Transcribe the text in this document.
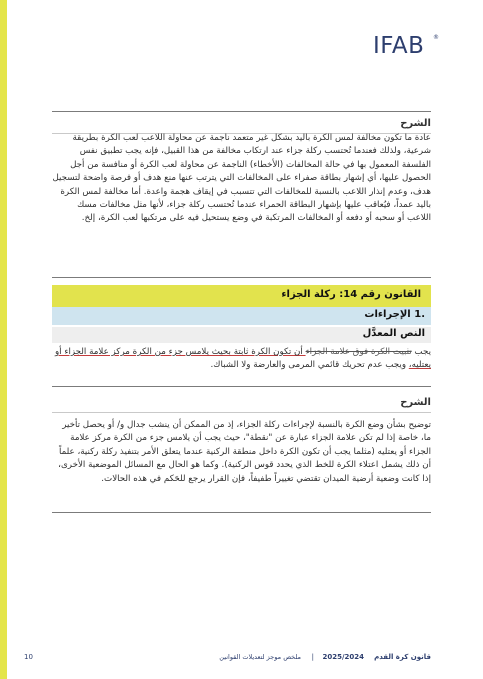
IFAB	®
الشرح
عادة ما تكون مخالفة لمس الكرة باليد بشكل غير متعمد ناجمة عن محاولة اللاعب لعب الكرة بطريقة شرعية، ولذلك فعندما تُحتسب ركلة جزاء عند ارتكاب مخالفة من هذا القبيل، فإنه يجب تطبيق نفس الفلسفة المعمول بها في حالة المخالفات (الأخطاء) الناجمة عن محاولة لعب الكرة أو منافسة من أجل الحصول عليها، أي إشهار بطاقة صفراء على المخالفات التي يترتب عنها منع هدف أو فرصة واضحة لتسجيل هدف، وعدم إنذار اللاعب بالنسبة للمخالفات التي تتسبب في إيقاف هجمة واعدة. أما مخالفة لمس الكرة باليد عمداً، فيُعاقب عليها بإشهار البطاقة الحمراء عندما تُحتسب ركلة جزاء، لأنها مثل مخالفات مسك اللاعب أو سحبه أو دفعه أو المخالفات المرتكبة في وضع يستحيل فيه على مرتكبها لعب الكرة، إلخ.
القانون رقم 14: ركلة الجزاء
.1 الإجراءات
النص المعدَّل
يجب تثبيت الكرة فوق علامة الجزاء أن تكون الكرة ثابتة بحيث يلامس جزء من الكرة مركز علامة الجزاء أو يعتليه، ويجب عدم تحريك قائمي المرمى والعارضة ولا الشباك.
الشرح
توضيح بشأن وضع الكرة بالنسبة لإجراءات ركلة الجزاء، إذ من الممكن أن ينشب جدال و/ أو يحصل تأخير ما، خاصة إذا لم تكن علامة الجزاء عبارة عن "نقطة"، حيث يجب أن يلامس جزء من الكرة مركز علامة الجزاء أو يعتليه (مثلما يجب أن تكون الكرة داخل منطقة الركنية عندما يتعلق الأمر بتنفيذ ركلة ركنية، علماً أن ذلك يشمل اعتلاء الكرة للخط الذي يحدد قوس الركنية). وكما هو الحال مع المسائل الموضعية الأخرى، إذا كانت وضعية أرضية الميدان تقتضي تغييراً طفيفاً، فإن القرار يرجع للحَكم في هذه الحالات.
قانون كرة القدم
2025/2024
|
ملخص موجز لتعديلات القوانين
10
